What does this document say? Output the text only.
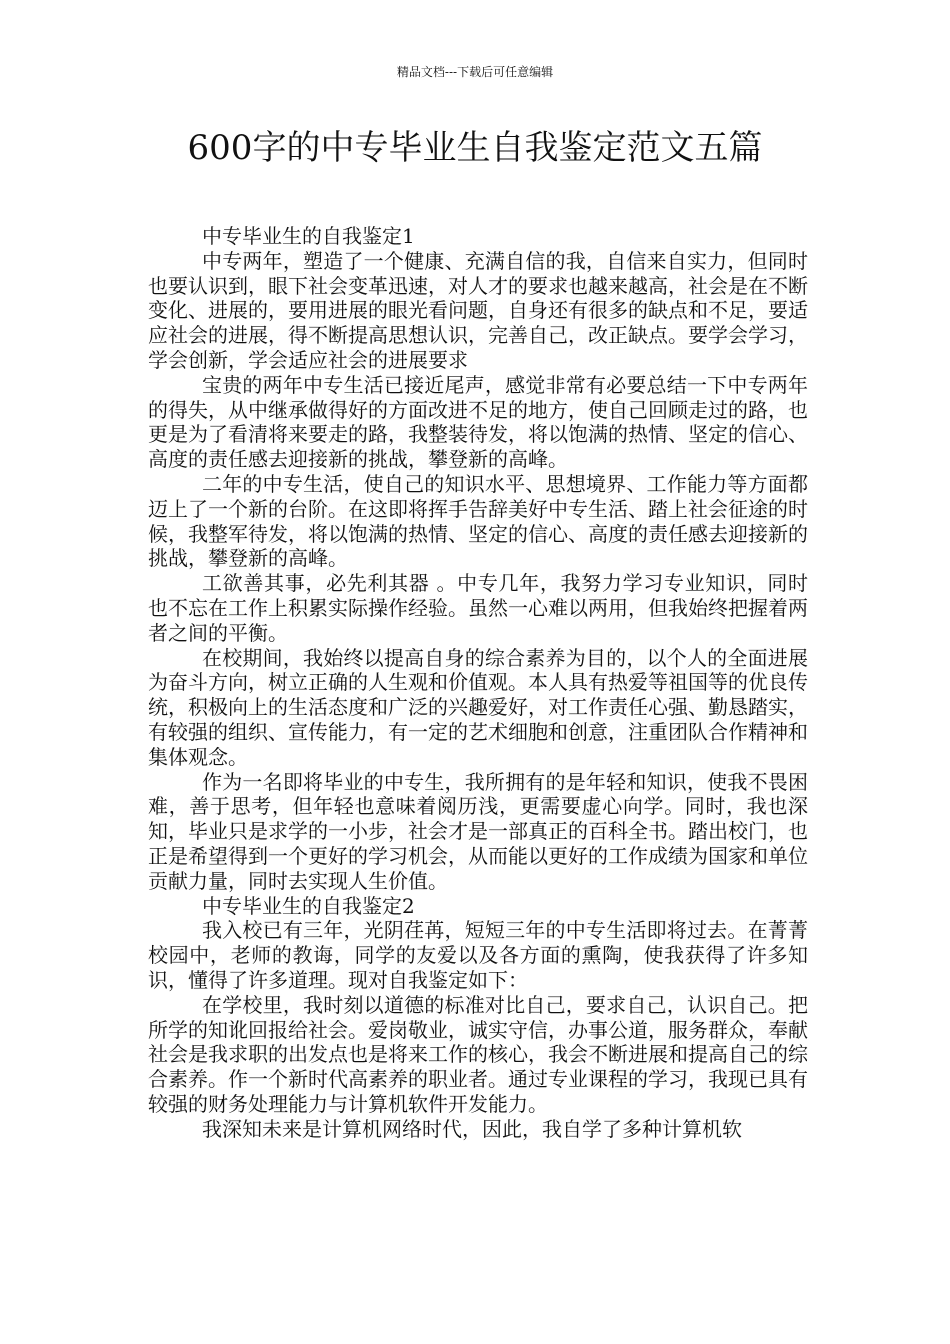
精品文档---下载后可任意编辑
600字的中专毕业生自我鉴定范文五篇

中专毕业生的自我鉴定1

中专两年，塑造了一个健康、充满自信的我，自信来自实力，但同时也要认识到，眼下社会变革迅速，对人才的要求也越来越高，社会是在不断变化、进展的，要用进展的眼光看问题，自身还有很多的缺点和不足，要适应社会的进展，得不断提高思想认识，完善自己，改正缺点。要学会学习，学会创新，学会适应社会的进展要求

宝贵的两年中专生活已接近尾声，感觉非常有必要总结一下中专两年的得失，从中继承做得好的方面改进不足的地方，使自己回顾走过的路，也更是为了看清将来要走的路，我整装待发，将以饱满的热情、坚定的信心、高度的责任感去迎接新的挑战，攀登新的高峰。

二年的中专生活，使自己的知识水平、思想境界、工作能力等方面都迈上了一个新的台阶。在这即将挥手告辞美好中专生活、踏上社会征途的时候，我整军待发，将以饱满的热情、坚定的信心、高度的责任感去迎接新的挑战，攀登新的高峰。

工欲善其事，必先利其器 。中专几年，我努力学习专业知识，同时也不忘在工作上积累实际操作经验。虽然一心难以两用，但我始终把握着两者之间的平衡。

在校期间，我始终以提高自身的综合素养为目的，以个人的全面进展为奋斗方向，树立正确的人生观和价值观。本人具有热爱等祖国等的优良传统，积极向上的生活态度和广泛的兴趣爱好，对工作责任心强、勤恳踏实，有较强的组织、宣传能力，有一定的艺术细胞和创意，注重团队合作精神和集体观念。

作为一名即将毕业的中专生，我所拥有的是年轻和知识，使我不畏困难，善于思考，但年轻也意味着阅历浅，更需要虚心向学。同时，我也深知，毕业只是求学的一小步，社会才是一部真正的百科全书。踏出校门，也正是希望得到一个更好的学习机会，从而能以更好的工作成绩为国家和单位贡献力量，同时去实现人生价值。

中专毕业生的自我鉴定2

我入校已有三年，光阴荏苒，短短三年的中专生活即将过去。在菁菁校园中，老师的教诲，同学的友爱以及各方面的熏陶，使我获得了许多知识，懂得了许多道理。现对自我鉴定如下：

在学校里，我时刻以道德的标准对比自己，要求自己，认识自己。把所学的知讹回报给社会。爱岗敬业，诚实守信，办事公道，服务群众，奉献社会是我求职的出发点也是将来工作的核心，我会不断进展和提高自己的综合素养。作一个新时代高素养的职业者。通过专业课程的学习，我现已具有较强的财务处理能力与计算机软件开发能力。

我深知未来是计算机网络时代，因此，我自学了多种计算机软
